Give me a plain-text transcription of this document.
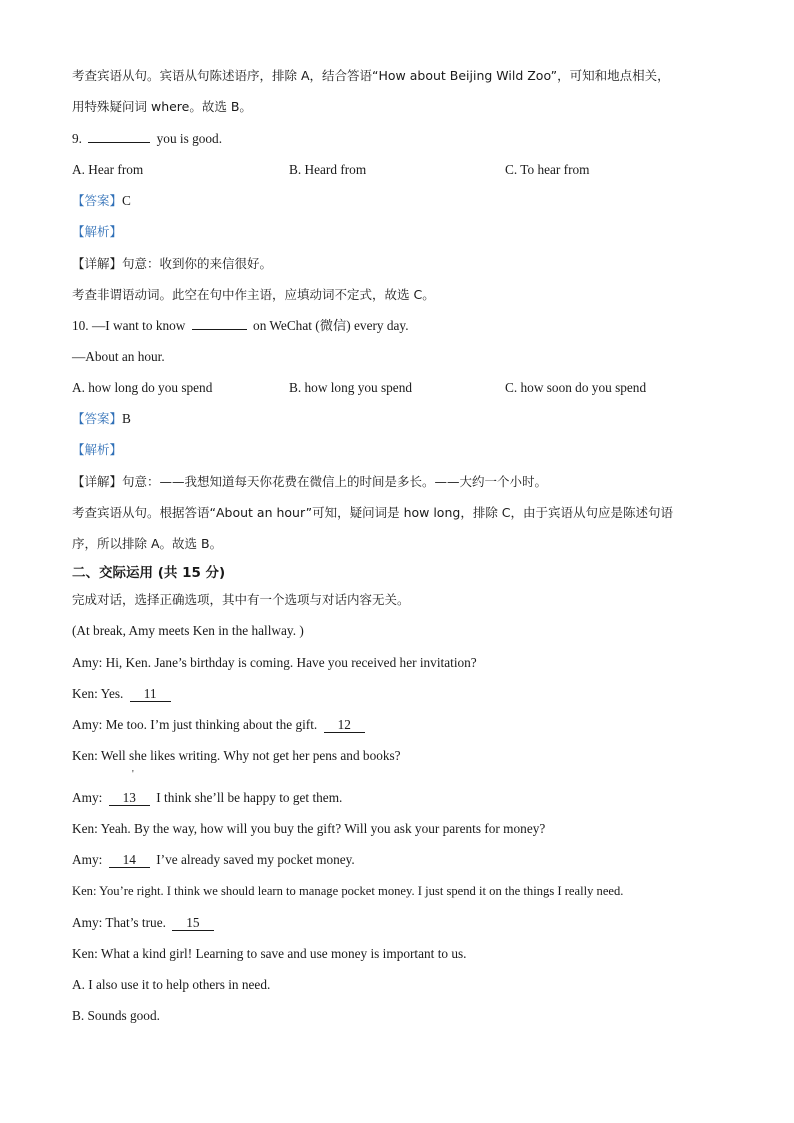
考查宾语从句。宾语从句陈述语序，排除 A，结合答语“How about Beijing Wild Zoo”，可知和地点相关，
用特殊疑问词 where。故选 B。
9.	you is good.
A. Hear from	B. Heard from	C. To hear from
【答案】C
【解析】
【详解】句意：收到你的来信很好。
考查非谓语动词。此空在句中作主语，应填动词不定式，故选 C。
10. —I want to know	on WeChat (微信) every day.
—About an hour.
A. how long do you spend	B. how long you spend	C. how soon do you spend
【答案】B
【解析】
【详解】句意：——我想知道每天你花费在微信上的时间是多长。——大约一个小时。
考查宾语从句。根据答语“About an hour”可知，疑问词是 how long，排除 C，由于宾语从句应是陈述句语
序，所以排除 A。故选 B。
二、交际运用 (共 15 分)
完成对话，选择正确选项，其中有一个选项与对话内容无关。
(At break, Amy meets Ken in the hallway. )
Amy: Hi, Ken. Jane’s birthday is coming. Have you received her invitation?
Ken: Yes. 11
Amy: Me too. I’m just thinking about the gift. 12
Ken: Well she likes writing. Why not get her pens and books?
'
Amy: 13 I think she’ll be happy to get them.
Ken: Yeah. By the way, how will you buy the gift? Will you ask your parents for money?
Amy: 14 I’ve already saved my pocket money.
Ken: You’re right. I think we should learn to manage pocket money. I just spend it on the things I really need.
Amy: That’s true. 15
Ken: What a kind girl! Learning to save and use money is important to us.
A. I also use it to help others in need.
B. Sounds good.
